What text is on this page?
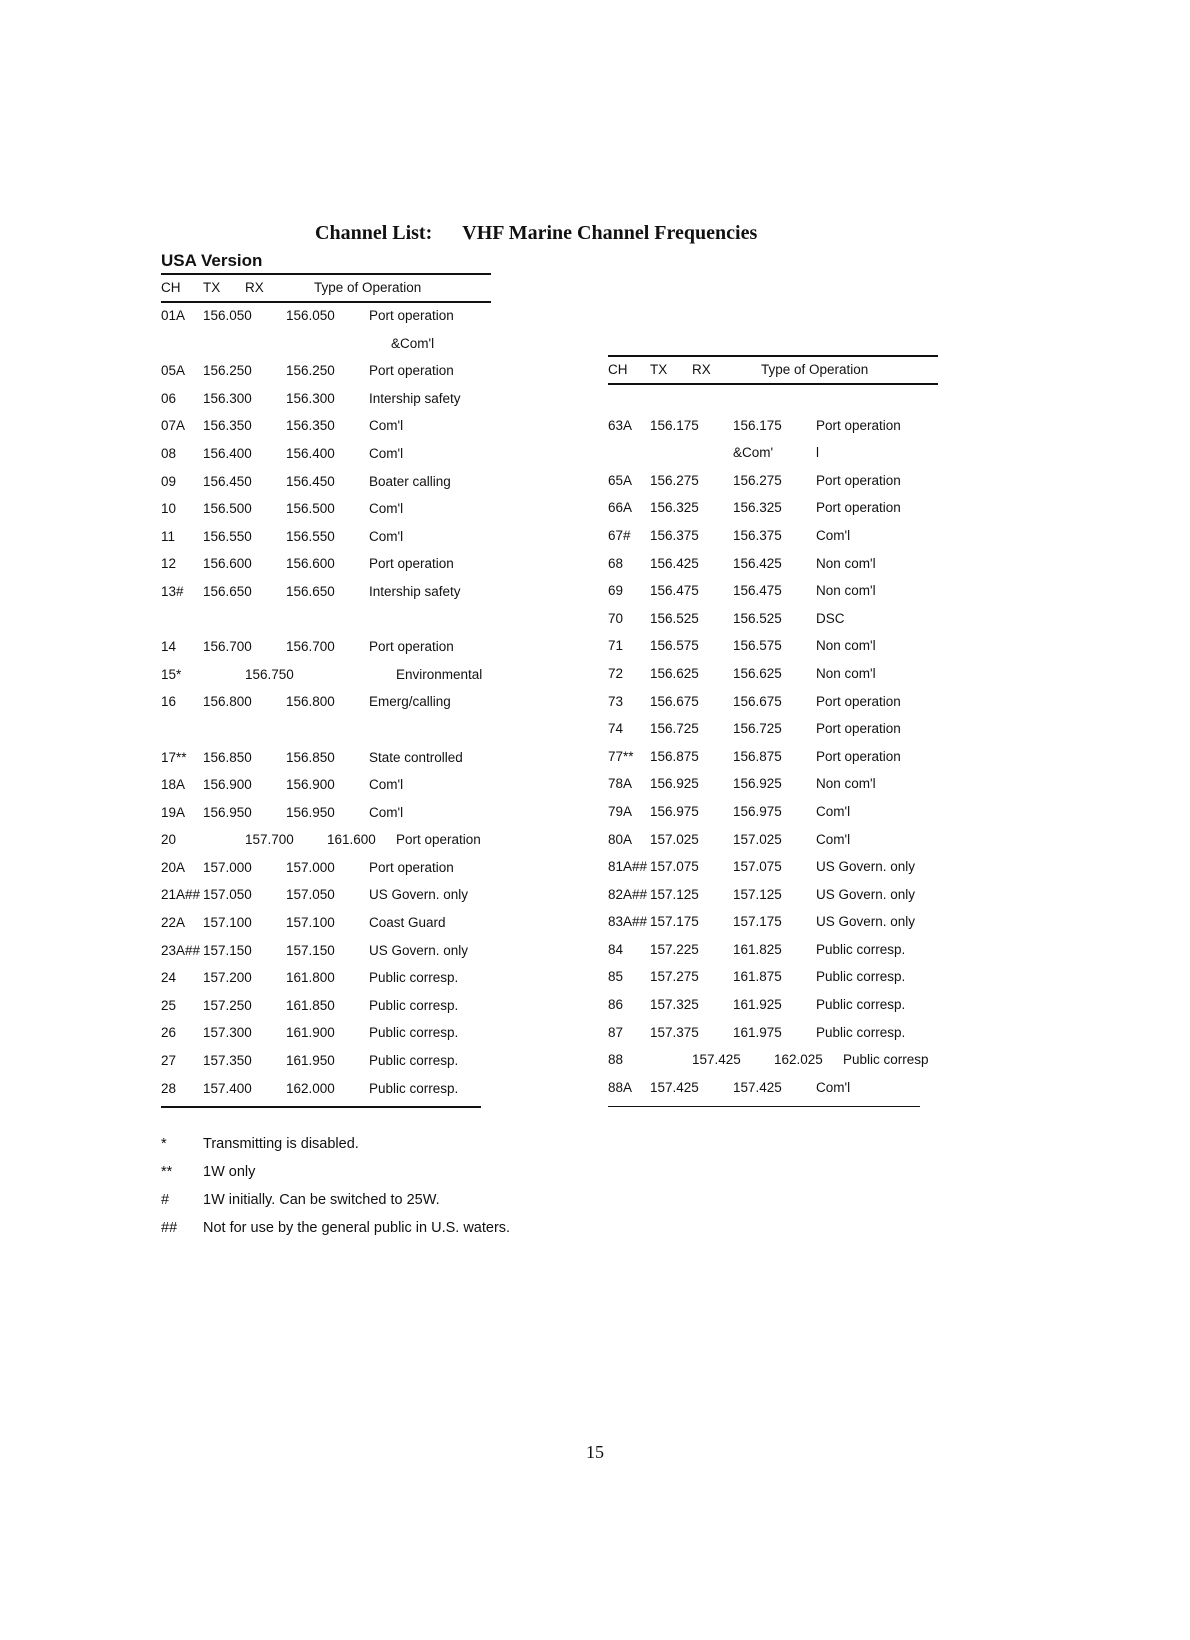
Channel List: VHF Marine Channel Frequencies
USA Version
CH TX RX	Type of Operation
01A 156.050	156.050	Port operation
&Com'l
05A 156.250	156.250	Port operation
06 156.300	156.300	Intership safety
07A 156.350	156.350	Com'l
08 156.400	156.400	Com'l
09 156.450	156.450	Boater calling
10 156.500	156.500	Com'l
11 156.550	156.550	Com'l
12 156.600	156.600	Port operation
13# 156.650	156.650	Intership safety
14 156.700	156.700	Port operation
15*	156.750	Environmental
16 156.800	156.800	Emerg/calling
17** 156.850	156.850	State controlled
18A 156.900	156.900	Com'l
19A 156.950	156.950	Com'l
20	157.700 161.600 Port operation
20A 157.000	157.000	Port operation
21A## 157.050	157.050	US Govern. only
22A 157.100	157.100	Coast Guard
23A## 157.150	157.150	US Govern. only
24 157.200	161.800	Public corresp.
25 157.250	161.850	Public corresp.
26 157.300	161.900	Public corresp.
27 157.350	161.950	Public corresp.
28 157.400	162.000	Public corresp.
CH TX RX	Type of Operation
63A 156.175	156.175	Port operation
&Com'	l
65A 156.275	156.275	Port operation
66A 156.325	156.325	Port operation
67# 156.375	156.375	Com'l
68 156.425	156.425	Non com'l
69 156.475	156.475	Non com'l
70 156.525	156.525	DSC
71 156.575	156.575	Non com'l
72 156.625	156.625	Non com'l
73 156.675	156.675	Port operation
74 156.725	156.725	Port operation
77** 156.875	156.875	Port operation
78A 156.925	156.925	Non com'l
79A 156.975	156.975	Com'l
80A 157.025	157.025	Com'l
81A## 157.075	157.075	US Govern. only
82A## 157.125	157.125	US Govern. only
83A## 157.175	157.175	US Govern. only
84 157.225	161.825	Public corresp.
85 157.275	161.875	Public corresp.
86 157.325	161.925	Public corresp.
87 157.375	161.975	Public corresp.
88	157.425 162.025 Public corresp
88A 157.425	157.425	Com'l
*	Transmitting is disabled.
** 1W only
# 1W initially. Can be switched to 25W.
## Not for use by the general public in U.S. waters.
15
